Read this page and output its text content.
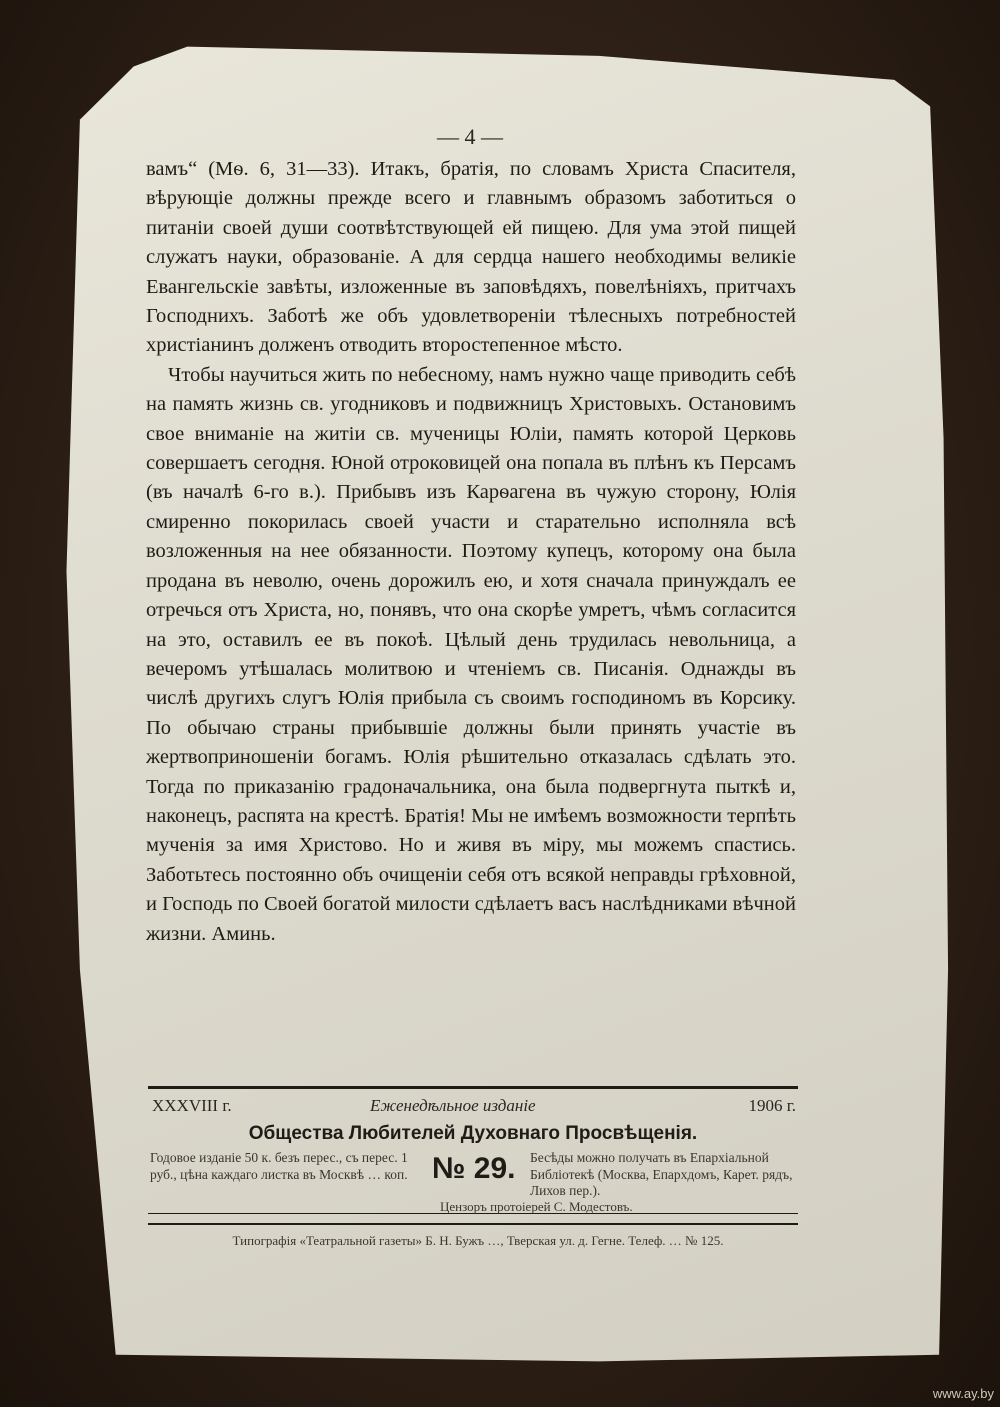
— 4 —

вамъ“ (Мѳ. 6, 31—33). Итакъ, братія, по словамъ Христа Спасителя, вѣрующіе должны прежде всего и главнымъ образомъ заботиться о питаніи своей души соотвѣтствующей ей пищею. Для ума этой пищей служатъ науки, образованіе. А для сердца нашего необходимы великіе Евангельскіе завѣты, изложенные въ заповѣдяхъ, повелѣніяхъ, притчахъ Господнихъ. Заботѣ же объ удовлетвореніи тѣлесныхъ потребностей христіанинъ долженъ отводить второстепенное мѣсто.

Чтобы научиться жить по небесному, намъ нужно чаще приводить себѣ на память жизнь св. угодниковъ и подвижницъ Христовыхъ. Остановимъ свое вниманіе на житіи св. мученицы Юліи, память которой Церковь совершаетъ сегодня. Юной отроковицей она попала въ плѣнъ къ Персамъ (въ началѣ 6-го в.). Прибывъ изъ Карѳагена въ чужую сторону, Юлія смиренно покорилась своей участи и старательно исполняла всѣ возложенныя на нее обязанности. Поэтому купецъ, которому она была продана въ неволю, очень дорожилъ ею, и хотя сначала принуждалъ ее отречься отъ Христа, но, понявъ, что она скорѣе умретъ, чѣмъ согласится на это, оставилъ ее въ покоѣ. Цѣлый день трудилась невольница, а вечеромъ утѣшалась молитвою и чтеніемъ св. Писанія. Однажды въ числѣ другихъ слугъ Юлія прибыла съ своимъ господиномъ въ Корсику. По обычаю страны прибывшіе должны были принять участіе въ жертвоприношеніи богамъ. Юлія рѣшительно отказалась сдѣлать это. Тогда по приказанію градоначальника, она была подвергнута пыткѣ и, наконецъ, распята на крестѣ. Братія! Мы не имѣемъ возможности терпѣть мученія за имя Христово. Но и живя въ міру, мы можемъ спастись. Заботьтесь постоянно объ очищеніи себя отъ всякой неправды грѣховной, и Господь по Своей богатой милости сдѣлаетъ васъ наслѣдниками вѣчной жизни. Аминь.

XXXVIII г.	Еженедѣльное изданіе	1906 г.
Общества Любителей Духовнаго Просвѣщенія.
Годовое изданіе 50 к. безъ перес., съ перес. 1 руб., цѣна каждаго листка въ Москвѣ … коп. № 29.	Бесѣды можно получать въ Епархіальной Библіотекѣ (Москва, Епархдомъ, Карет. рядъ, Лихов пер.).
Цензоръ протоіерей С. Модестовъ.
Типографія «Театральной газеты» Б. Н. Бужъ …, Тверская ул. д. Гегне. Телеф. … № 125.
www.ay.by
